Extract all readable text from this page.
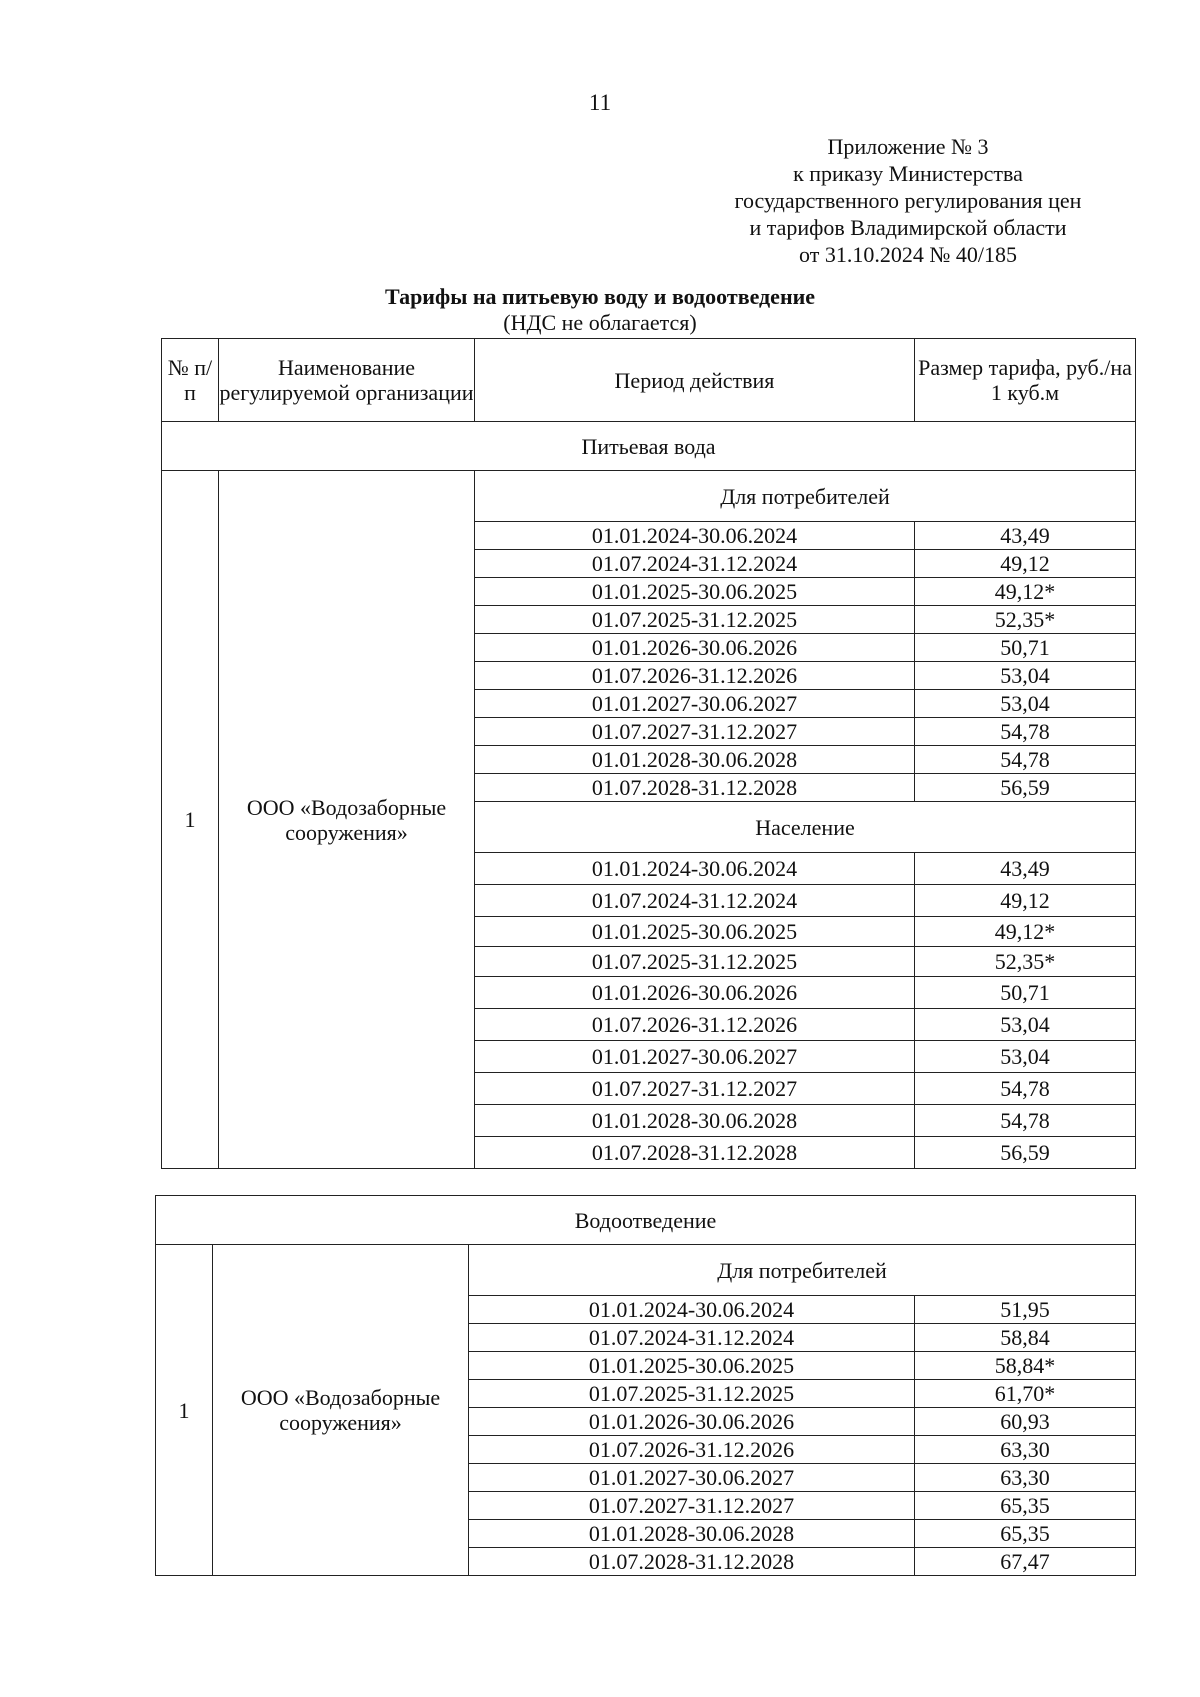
11
Приложение № 3
к приказу Министерства
государственного регулирования цен
и тарифов Владимирской области
от 31.10.2024 № 40/185
Тарифы на питьевую воду и водоотведение
(НДС не облагается)
№ п/п	Наименование регулируемой организации	Период действия	Размер тарифа, руб./на 1 куб.м
Питьевая вода			
1	ООО «Водозаборные сооружения»	Для потребителей	
		01.01.2024-30.06.2024	43,49
		01.07.2024-31.12.2024	49,12
		01.01.2025-30.06.2025	49,12*
		01.07.2025-31.12.2025	52,35*
		01.01.2026-30.06.2026	50,71
		01.07.2026-31.12.2026	53,04
		01.01.2027-30.06.2027	53,04
		01.07.2027-31.12.2027	54,78
		01.01.2028-30.06.2028	54,78
		01.07.2028-31.12.2028	56,59
		Население	
		01.01.2024-30.06.2024	43,49
		01.07.2024-31.12.2024	49,12
		01.01.2025-30.06.2025	49,12*
		01.07.2025-31.12.2025	52,35*
		01.01.2026-30.06.2026	50,71
		01.07.2026-31.12.2026	53,04
		01.01.2027-30.06.2027	53,04
		01.07.2027-31.12.2027	54,78
		01.01.2028-30.06.2028	54,78
		01.07.2028-31.12.2028	56,59
Водоотведение			
1	ООО «Водозаборные сооружения»	Для потребителей	
		01.01.2024-30.06.2024	51,95
		01.07.2024-31.12.2024	58,84
		01.01.2025-30.06.2025	58,84*
		01.07.2025-31.12.2025	61,70*
		01.01.2026-30.06.2026	60,93
		01.07.2026-31.12.2026	63,30
		01.01.2027-30.06.2027	63,30
		01.07.2027-31.12.2027	65,35
		01.01.2028-30.06.2028	65,35
		01.07.2028-31.12.2028	67,47
